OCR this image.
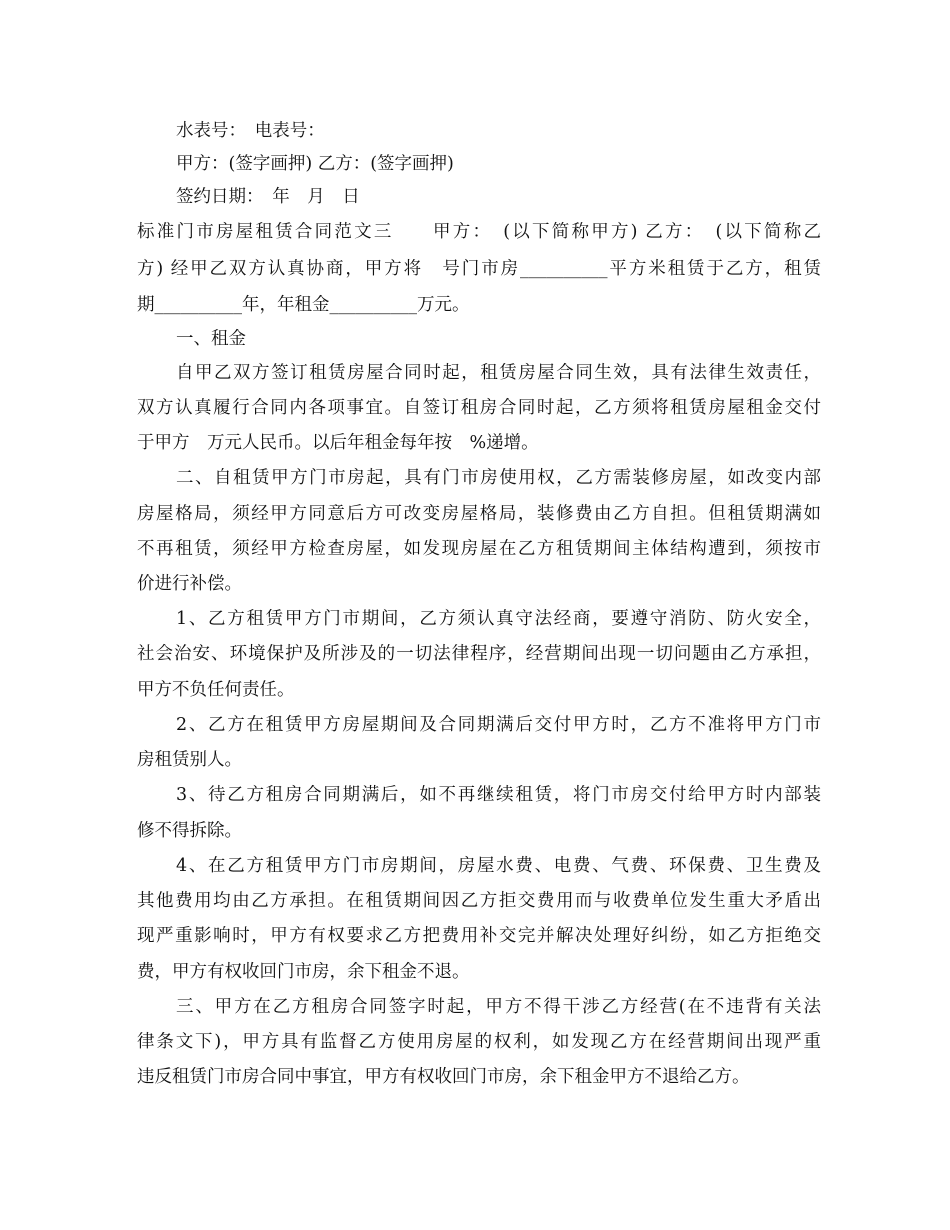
水表号：　电表号：
甲方：(签字画押) 乙方：(签字画押)
签约日期：　年　月　日
标准门市房屋租赁合同范文三　　甲方：　(以下简称甲方) 乙方：　(以下简称乙
方) 经甲乙双方认真协商，甲方将　号门市房__________平方米租赁于乙方，租赁
期__________年，年租金__________万元。
一、租金
自甲乙双方签订租赁房屋合同时起，租赁房屋合同生效，具有法律生效责任，
双方认真履行合同内各项事宜。自签订租房合同时起，乙方须将租赁房屋租金交付
于甲方　万元人民币。以后年租金每年按　%递增。
二、自租赁甲方门市房起，具有门市房使用权，乙方需装修房屋，如改变内部
房屋格局，须经甲方同意后方可改变房屋格局，装修费由乙方自担。但租赁期满如
不再租赁，须经甲方检查房屋，如发现房屋在乙方租赁期间主体结构遭到，须按市
价进行补偿。
1、乙方租赁甲方门市期间，乙方须认真守法经商，要遵守消防、防火安全，
社会治安、环境保护及所涉及的一切法律程序，经营期间出现一切问题由乙方承担，
甲方不负任何责任。
2、乙方在租赁甲方房屋期间及合同期满后交付甲方时，乙方不准将甲方门市
房租赁别人。
3、待乙方租房合同期满后，如不再继续租赁，将门市房交付给甲方时内部装
修不得拆除。
4、在乙方租赁甲方门市房期间，房屋水费、电费、气费、环保费、卫生费及
其他费用均由乙方承担。在租赁期间因乙方拒交费用而与收费单位发生重大矛盾出
现严重影响时，甲方有权要求乙方把费用补交完并解决处理好纠纷，如乙方拒绝交
费，甲方有权收回门市房，余下租金不退。
三、甲方在乙方租房合同签字时起，甲方不得干涉乙方经营(在不违背有关法
律条文下)，甲方具有监督乙方使用房屋的权利，如发现乙方在经营期间出现严重
违反租赁门市房合同中事宜，甲方有权收回门市房，余下租金甲方不退给乙方。
